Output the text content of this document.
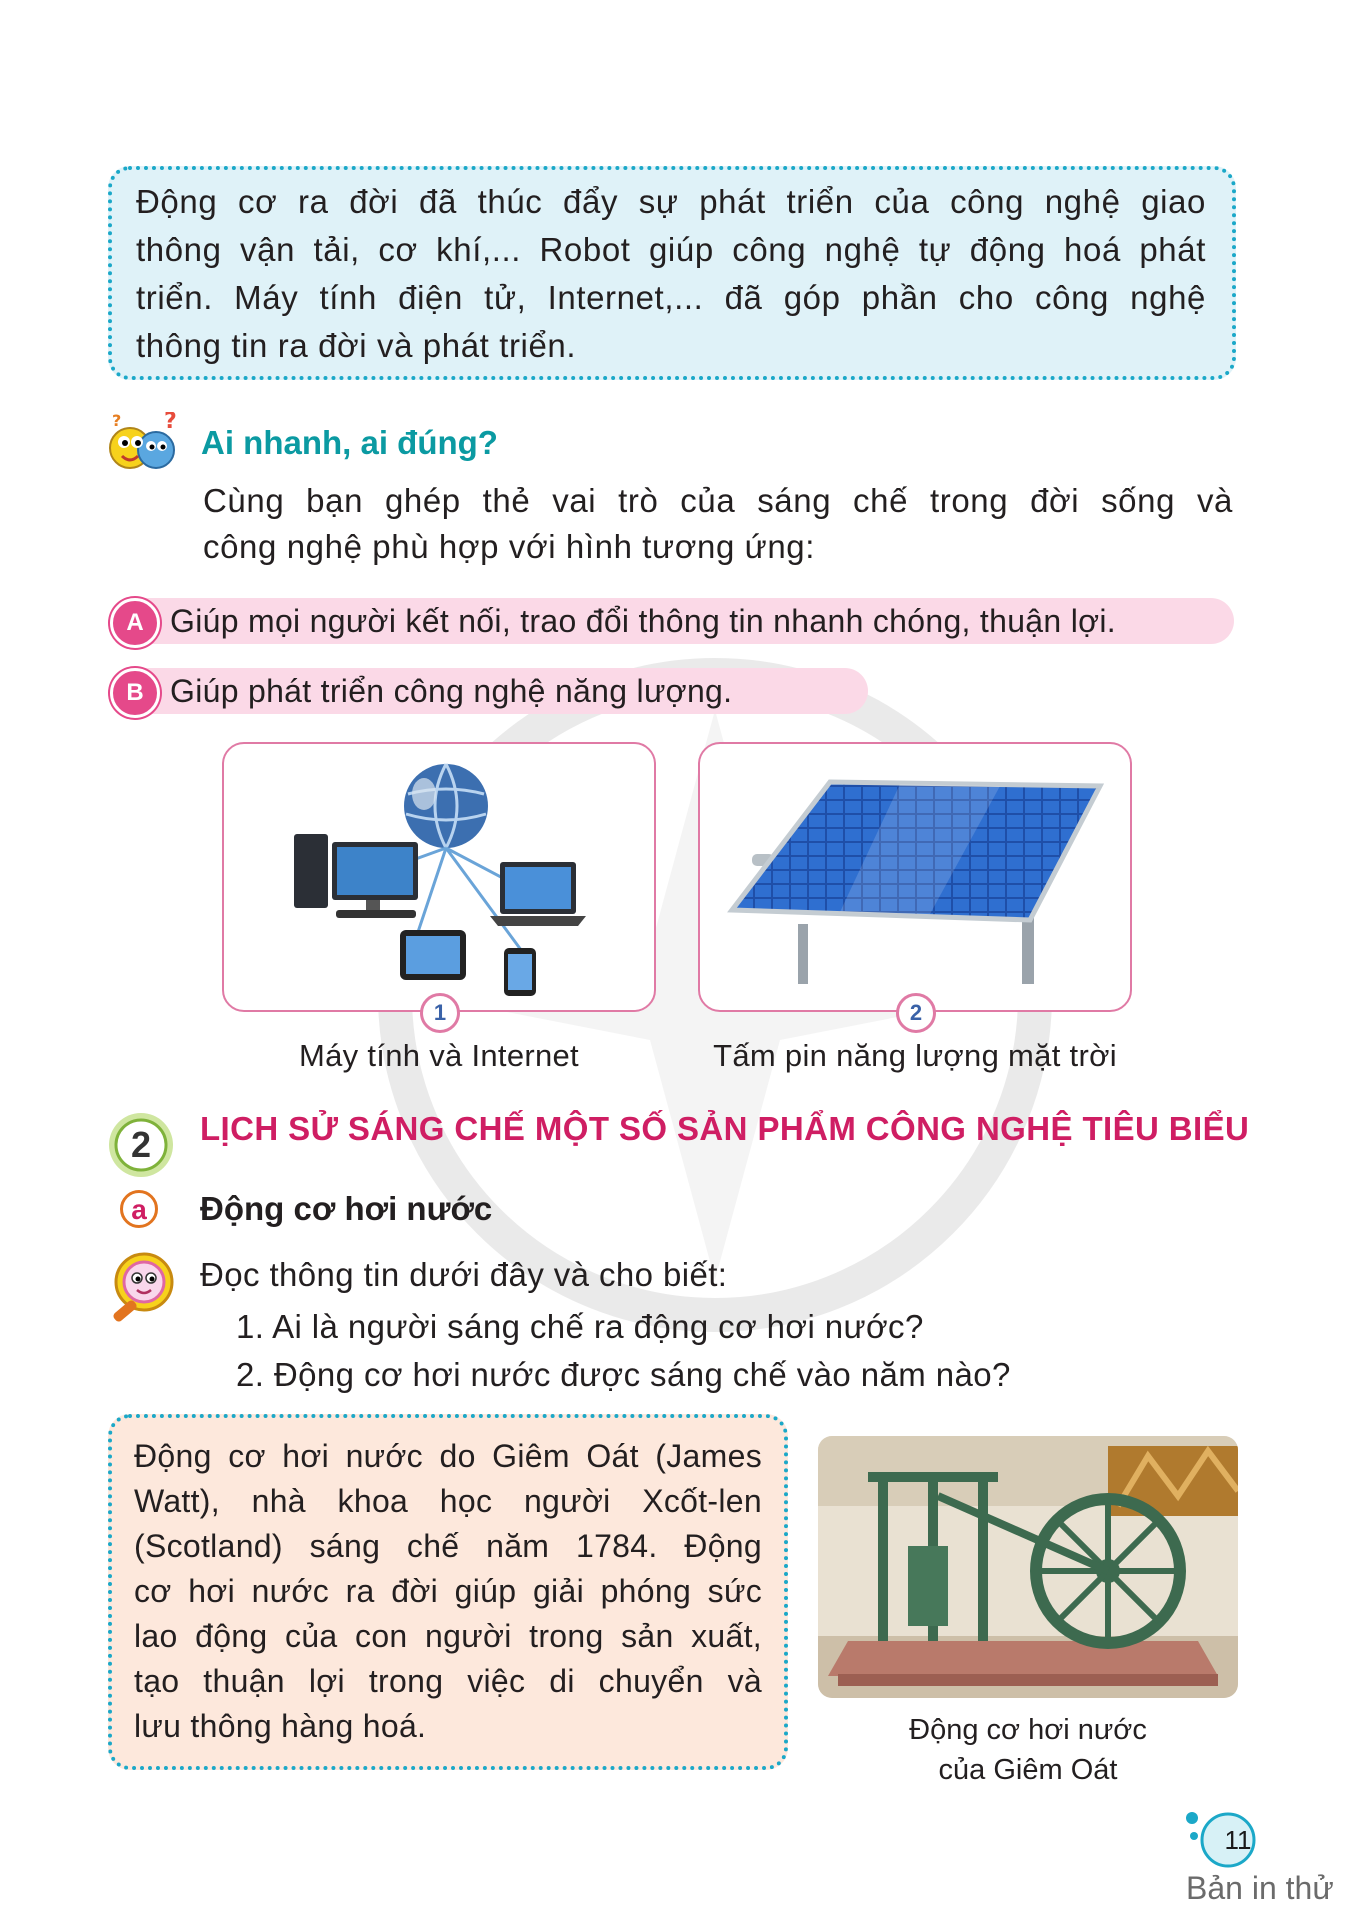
Động cơ ra đời đã thúc đẩy sự phát triển của công nghệ giao
thông vận tải, cơ khí,... Robot giúp công nghệ tự động hoá phát
triển. Máy tính điện tử, Internet,... đã góp phần cho công nghệ
thông tin ra đời và phát triển.
?
?
Ai nhanh, ai đúng?
Cùng bạn ghép thẻ vai trò của sáng chế trong đời sống và
công nghệ phù hợp với hình tương ứng:
A Giúp mọi người kết nối, trao đổi thông tin nhanh chóng, thuận lợi.
B Giúp phát triển công nghệ năng lượng.
1
Máy tính và Internet
2
Tấm pin năng lượng mặt trời
2	LỊCH SỬ SÁNG CHẾ MỘT SỐ SẢN PHẨM CÔNG NGHỆ TIÊU BIỂU
a	Động cơ hơi nước
Đọc thông tin dưới đây và cho biết:
1. Ai là người sáng chế ra động cơ hơi nước?
2. Động cơ hơi nước được sáng chế vào năm nào?
Động cơ hơi nước do Giêm Oát (James
Watt), nhà khoa học người Xcốt-len
(Scotland) sáng chế năm 1784. Động
cơ hơi nước ra đời giúp giải phóng sức
lao động của con người trong sản xuất,
tạo thuận lợi trong việc di chuyển và
lưu thông hàng hoá.	Động cơ hơi nước
của Giêm Oát
11
Bản in thử
